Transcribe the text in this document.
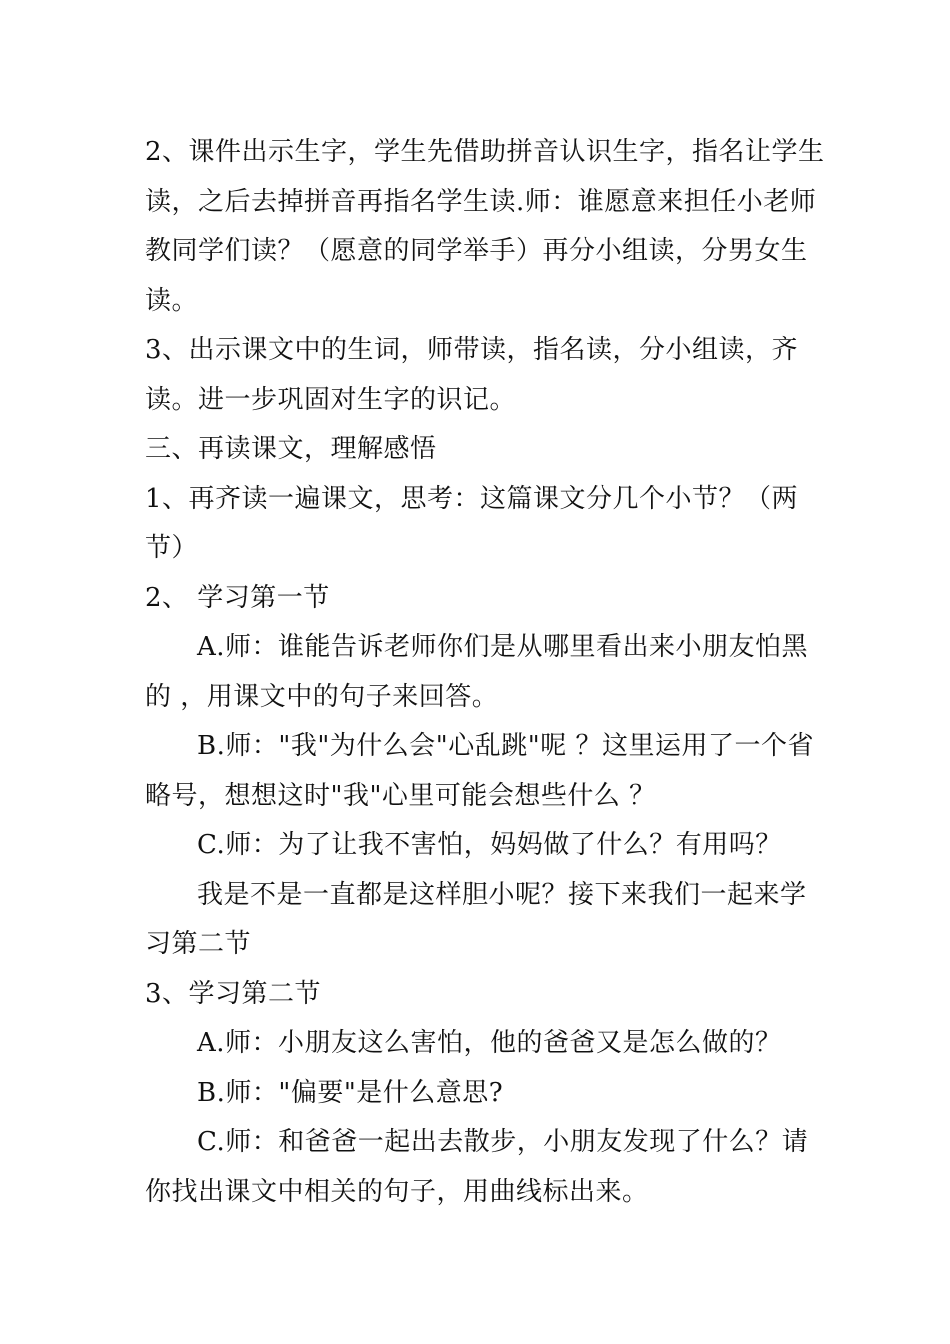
2、课件出示生字，学生先借助拼音认识生字，指名让学生读，之后去掉拼音再指名学生读.师：谁愿意来担任小老师教同学们读？（愿意的同学举手）再分小组读，分男女生读。

3、出示课文中的生词，师带读，指名读，分小组读，齐读。进一步巩固对生字的识记。

三、再读课文，理解感悟

1、再齐读一遍课文，思考：这篇课文分几个小节？（两节）

2、 学习第一节

A.师：谁能告诉老师你们是从哪里看出来小朋友怕黑的 ，用课文中的句子来回答。

B.师："我"为什么会"心乱跳"呢 ？这里运用了一个省略号，想想这时"我"心里可能会想些什么 ？

C.师：为了让我不害怕，妈妈做了什么？有用吗？

我是不是一直都是这样胆小呢？接下来我们一起来学习第二节

3、学习第二节

A.师：小朋友这么害怕，他的爸爸又是怎么做的？

B.师："偏要"是什么意思?

C.师：和爸爸一起出去散步，小朋友发现了什么？请你找出课文中相关的句子，用曲线标出来。
